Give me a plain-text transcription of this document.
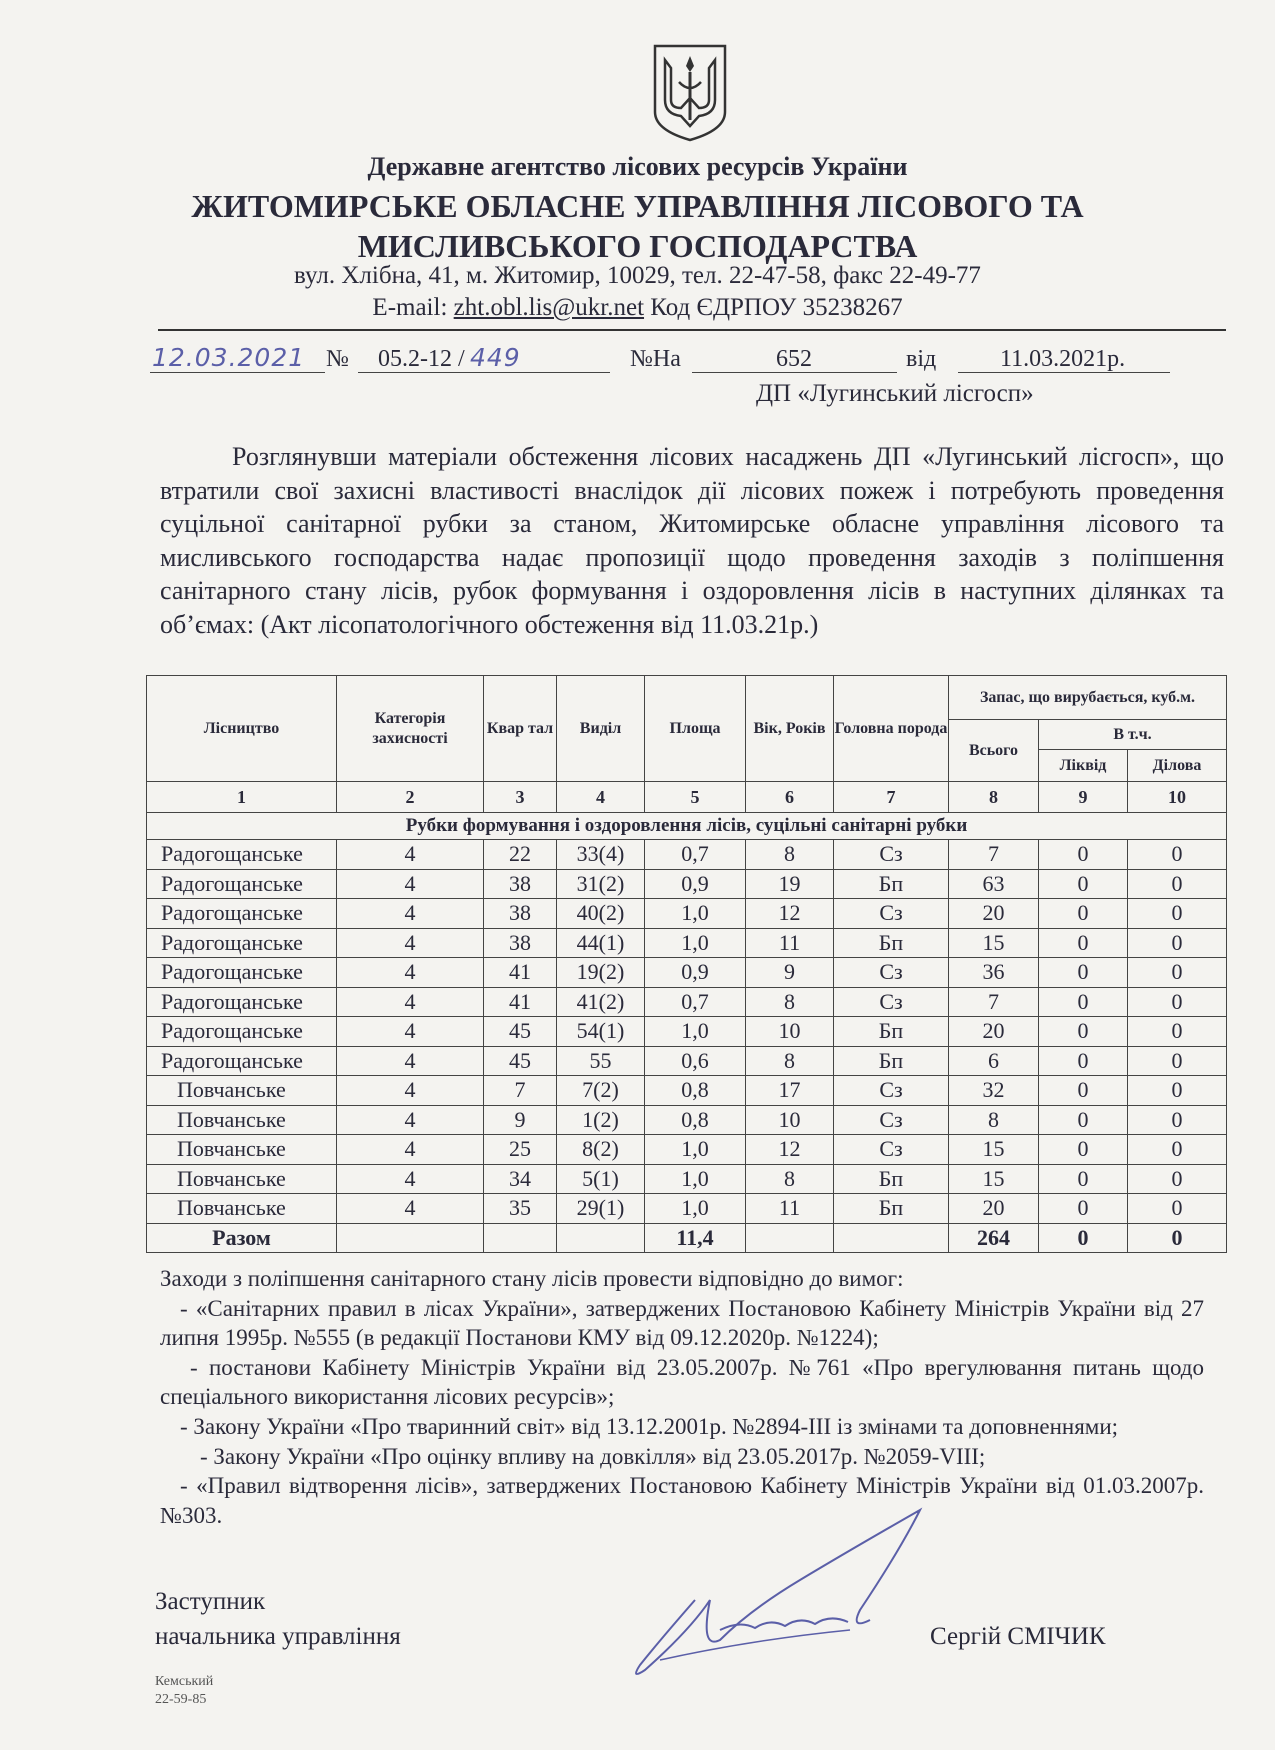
Державне агентство лісових ресурсів України
ЖИТОМИРСЬКЕ ОБЛАСНЕ УПРАВЛІННЯ ЛІСОВОГО ТА
МИСЛИВСЬКОГО ГОСПОДАРСТВА
вул. Хлібна, 41, м. Житомир, 10029, тел. 22-47-58, факс 22-49-77
E-mail: zht.obl.lis@ukr.net Код ЄДРПОУ 35238267
12.03.2021 № 05.2-12 / 449	№На	652	від	11.03.2021р.
ДП «Лугинський лісгосп»
Розглянувши матеріали обстеження лісових насаджень ДП «Лугинський лісгосп», що втратили свої захисні властивості внаслідок дії лісових пожеж і потребують проведення суцільної санітарної рубки за станом, Житомирське обласне управління лісового та мисливського господарства надає пропозиції щодо проведення заходів з поліпшення санітарного стану лісів, рубок формування і оздоровлення лісів в наступних ділянках та об’ємах: (Акт лісопатологічного обстеження від 11.03.21р.)
Лісництво	Категорія захисності	Квар тал	Виділ	Площа	Вік, Років	Головна порода	Запас, що вирубається, куб.м.		
							Всього	В т.ч.	
								Ліквід	Ділова
1	2	3	4	5	6	7	8	9	10
Рубки формування і оздоровлення лісів, суцільні санітарні рубки									
Радогощанське	4	22	33(4)	0,7	8	Сз	7	0	0
Радогощанське	4	38	31(2)	0,9	19	Бп	63	0	0
Радогощанське	4	38	40(2)	1,0	12	Сз	20	0	0
Радогощанське	4	38	44(1)	1,0	11	Бп	15	0	0
Радогощанське	4	41	19(2)	0,9	9	Сз	36	0	0
Радогощанське	4	41	41(2)	0,7	8	Сз	7	0	0
Радогощанське	4	45	54(1)	1,0	10	Бп	20	0	0
Радогощанське	4	45	55	0,6	8	Бп	6	0	0
Повчанське	4	7	7(2)	0,8	17	Сз	32	0	0
Повчанське	4	9	1(2)	0,8	10	Сз	8	0	0
Повчанське	4	25	8(2)	1,0	12	Сз	15	0	0
Повчанське	4	34	5(1)	1,0	8	Бп	15	0	0
Повчанське	4	35	29(1)	1,0	11	Бп	20	0	0
Разом				11,4			264	0	0

Заходи з поліпшення санітарного стану лісів провести відповідно до вимог:

- «Санітарних правил в лісах України», затверджених Постановою Кабінету Міністрів України від 27 липня 1995р. №555 (в редакції Постанови КМУ від 09.12.2020р. №1224);

- постанови Кабінету Міністрів України від 23.05.2007р. №761 «Про врегулювання питань щодо спеціального використання лісових ресурсів»;

- Закону України «Про тваринний світ» від 13.12.2001р. №2894-ІІІ із змінами та доповненнями;

- Закону України «Про оцінку впливу на довкілля» від 23.05.2017р. №2059-VIII;

- «Правил відтворення лісів», затверджених Постановою Кабінету Міністрів України від 01.03.2007р. №303.

Заступник
начальника управління	Сергій СМІЧИК
Кемський
22-59-85
